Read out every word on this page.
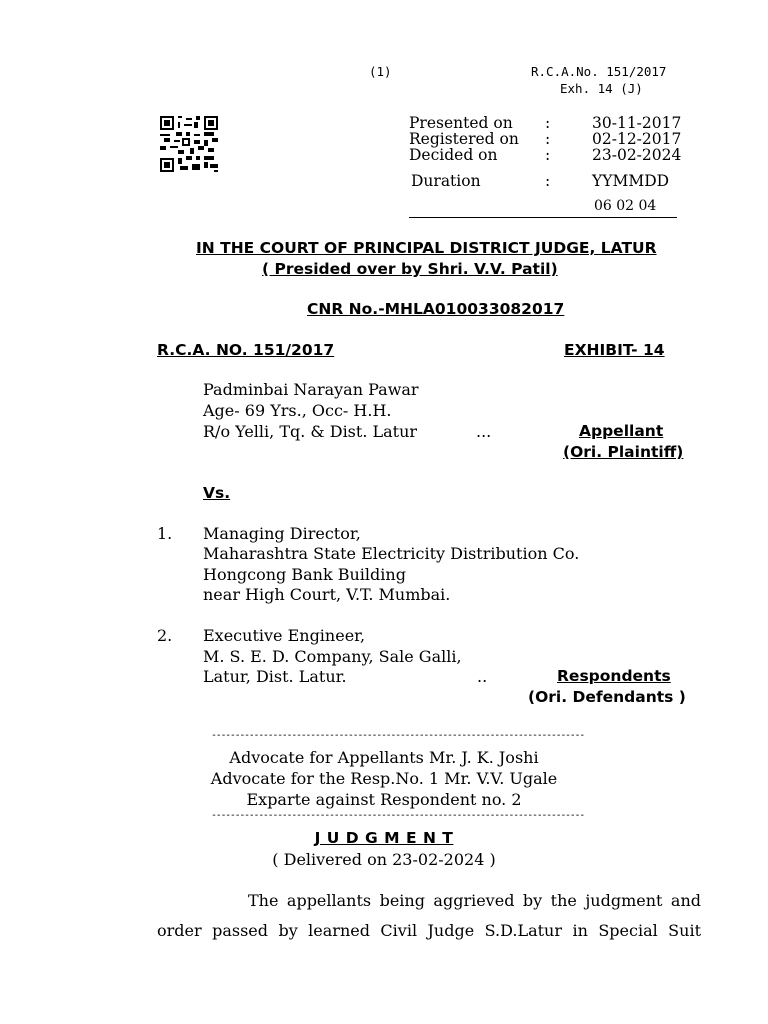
(1)	R.C.A.No. 151/2017
Exh. 14 (J)
Presented on :	30-11-2017
Registered on :	02-12-2017
Decided on	:	23-02-2024
Duration	:	YYMMDD
06 02 04
IN THE COURT OF PRINCIPAL DISTRICT JUDGE, LATUR
( Presided over by Shri. V.V. Patil)
CNR No.-MHLA010033082017
R.C.A. NO. 151/2017	EXHIBIT- 14
Padminbai Narayan Pawar
Age- 69 Yrs., Occ- H.H.
R/o Yelli, Tq. & Dist. Latur	...	Appellant
(Ori. Plaintiff)
Vs.
1. Managing Director,
Maharashtra State Electricity Distribution Co.
Hongcong Bank Building
near High Court, V.T. Mumbai.
2. Executive Engineer,
M. S. E. D. Company, Sale Galli,
Latur, Dist. Latur.	..	Respondents
(Ori. Defendants )
-------------------------------------------------------------------------------
Advocate for Appellants Mr. J. K. Joshi
Advocate for the Resp.No. 1 Mr. V.V. Ugale
Exparte against Respondent no. 2
-------------------------------------------------------------------------------
J U D G M E N T
( Delivered on 23-02-2024 )
The appellants being aggrieved by the judgment and
order passed by learned Civil Judge S.D.Latur in Special Suit
